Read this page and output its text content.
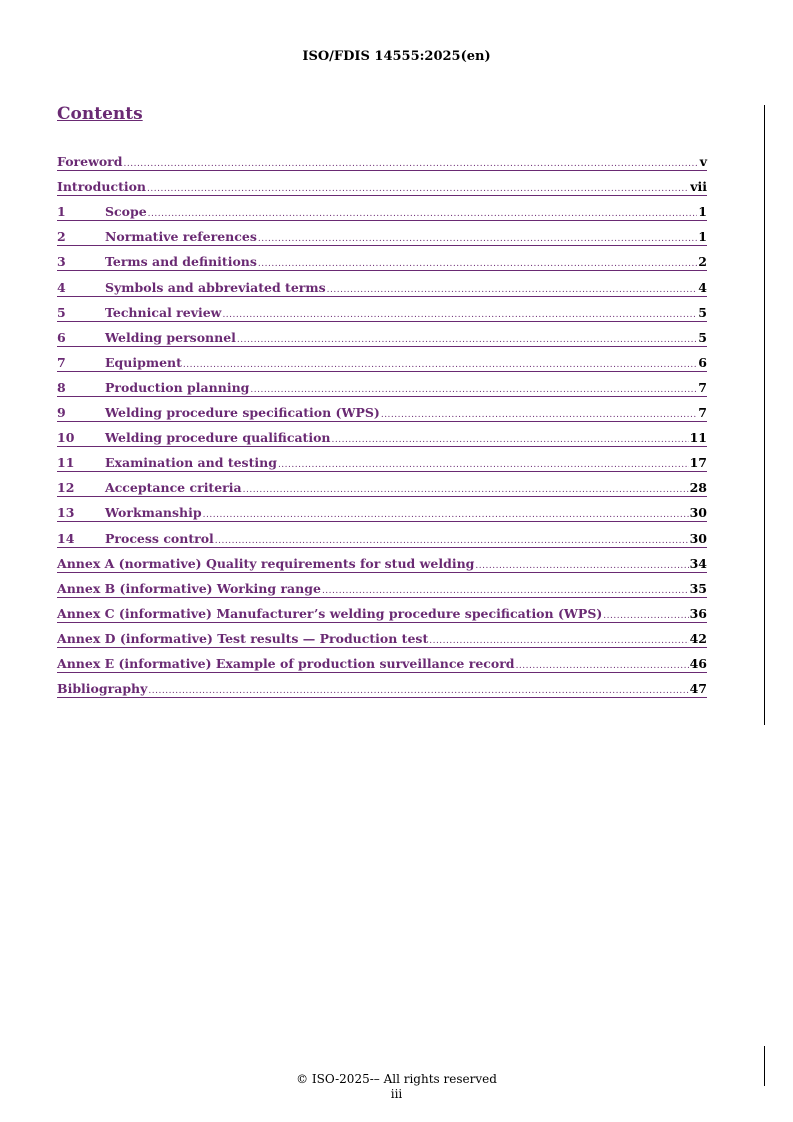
ISO/FDIS 14555:2025(en)
Contents
Foreword .....	v
Introduction .....	vii
1	Scope .....	1
2	Normative references .....	1
3	Terms and definitions .....	2
4	Symbols and abbreviated terms .....	4
5	Technical review .....	5
6	Welding personnel .....	5
7	Equipment .....	6
8	Production planning .....	7
9	Welding procedure specification (WPS) .....	7
10	Welding procedure qualification .....	11
11	Examination and testing .....	17
12	Acceptance criteria .....	28
13	Workmanship .....	30
14	Process control .....	30
Annex A (normative) Quality requirements for stud welding .....	34
Annex B (informative) Working range .....	35
Annex C (informative) Manufacturer’s welding procedure specification (WPS) .....	36
Annex D (informative) Test results — Production test .....	42
Annex E (informative) Example of production surveillance record .....	46
Bibliography .....	47
© ISO-2025-– All rights reserved
iii
